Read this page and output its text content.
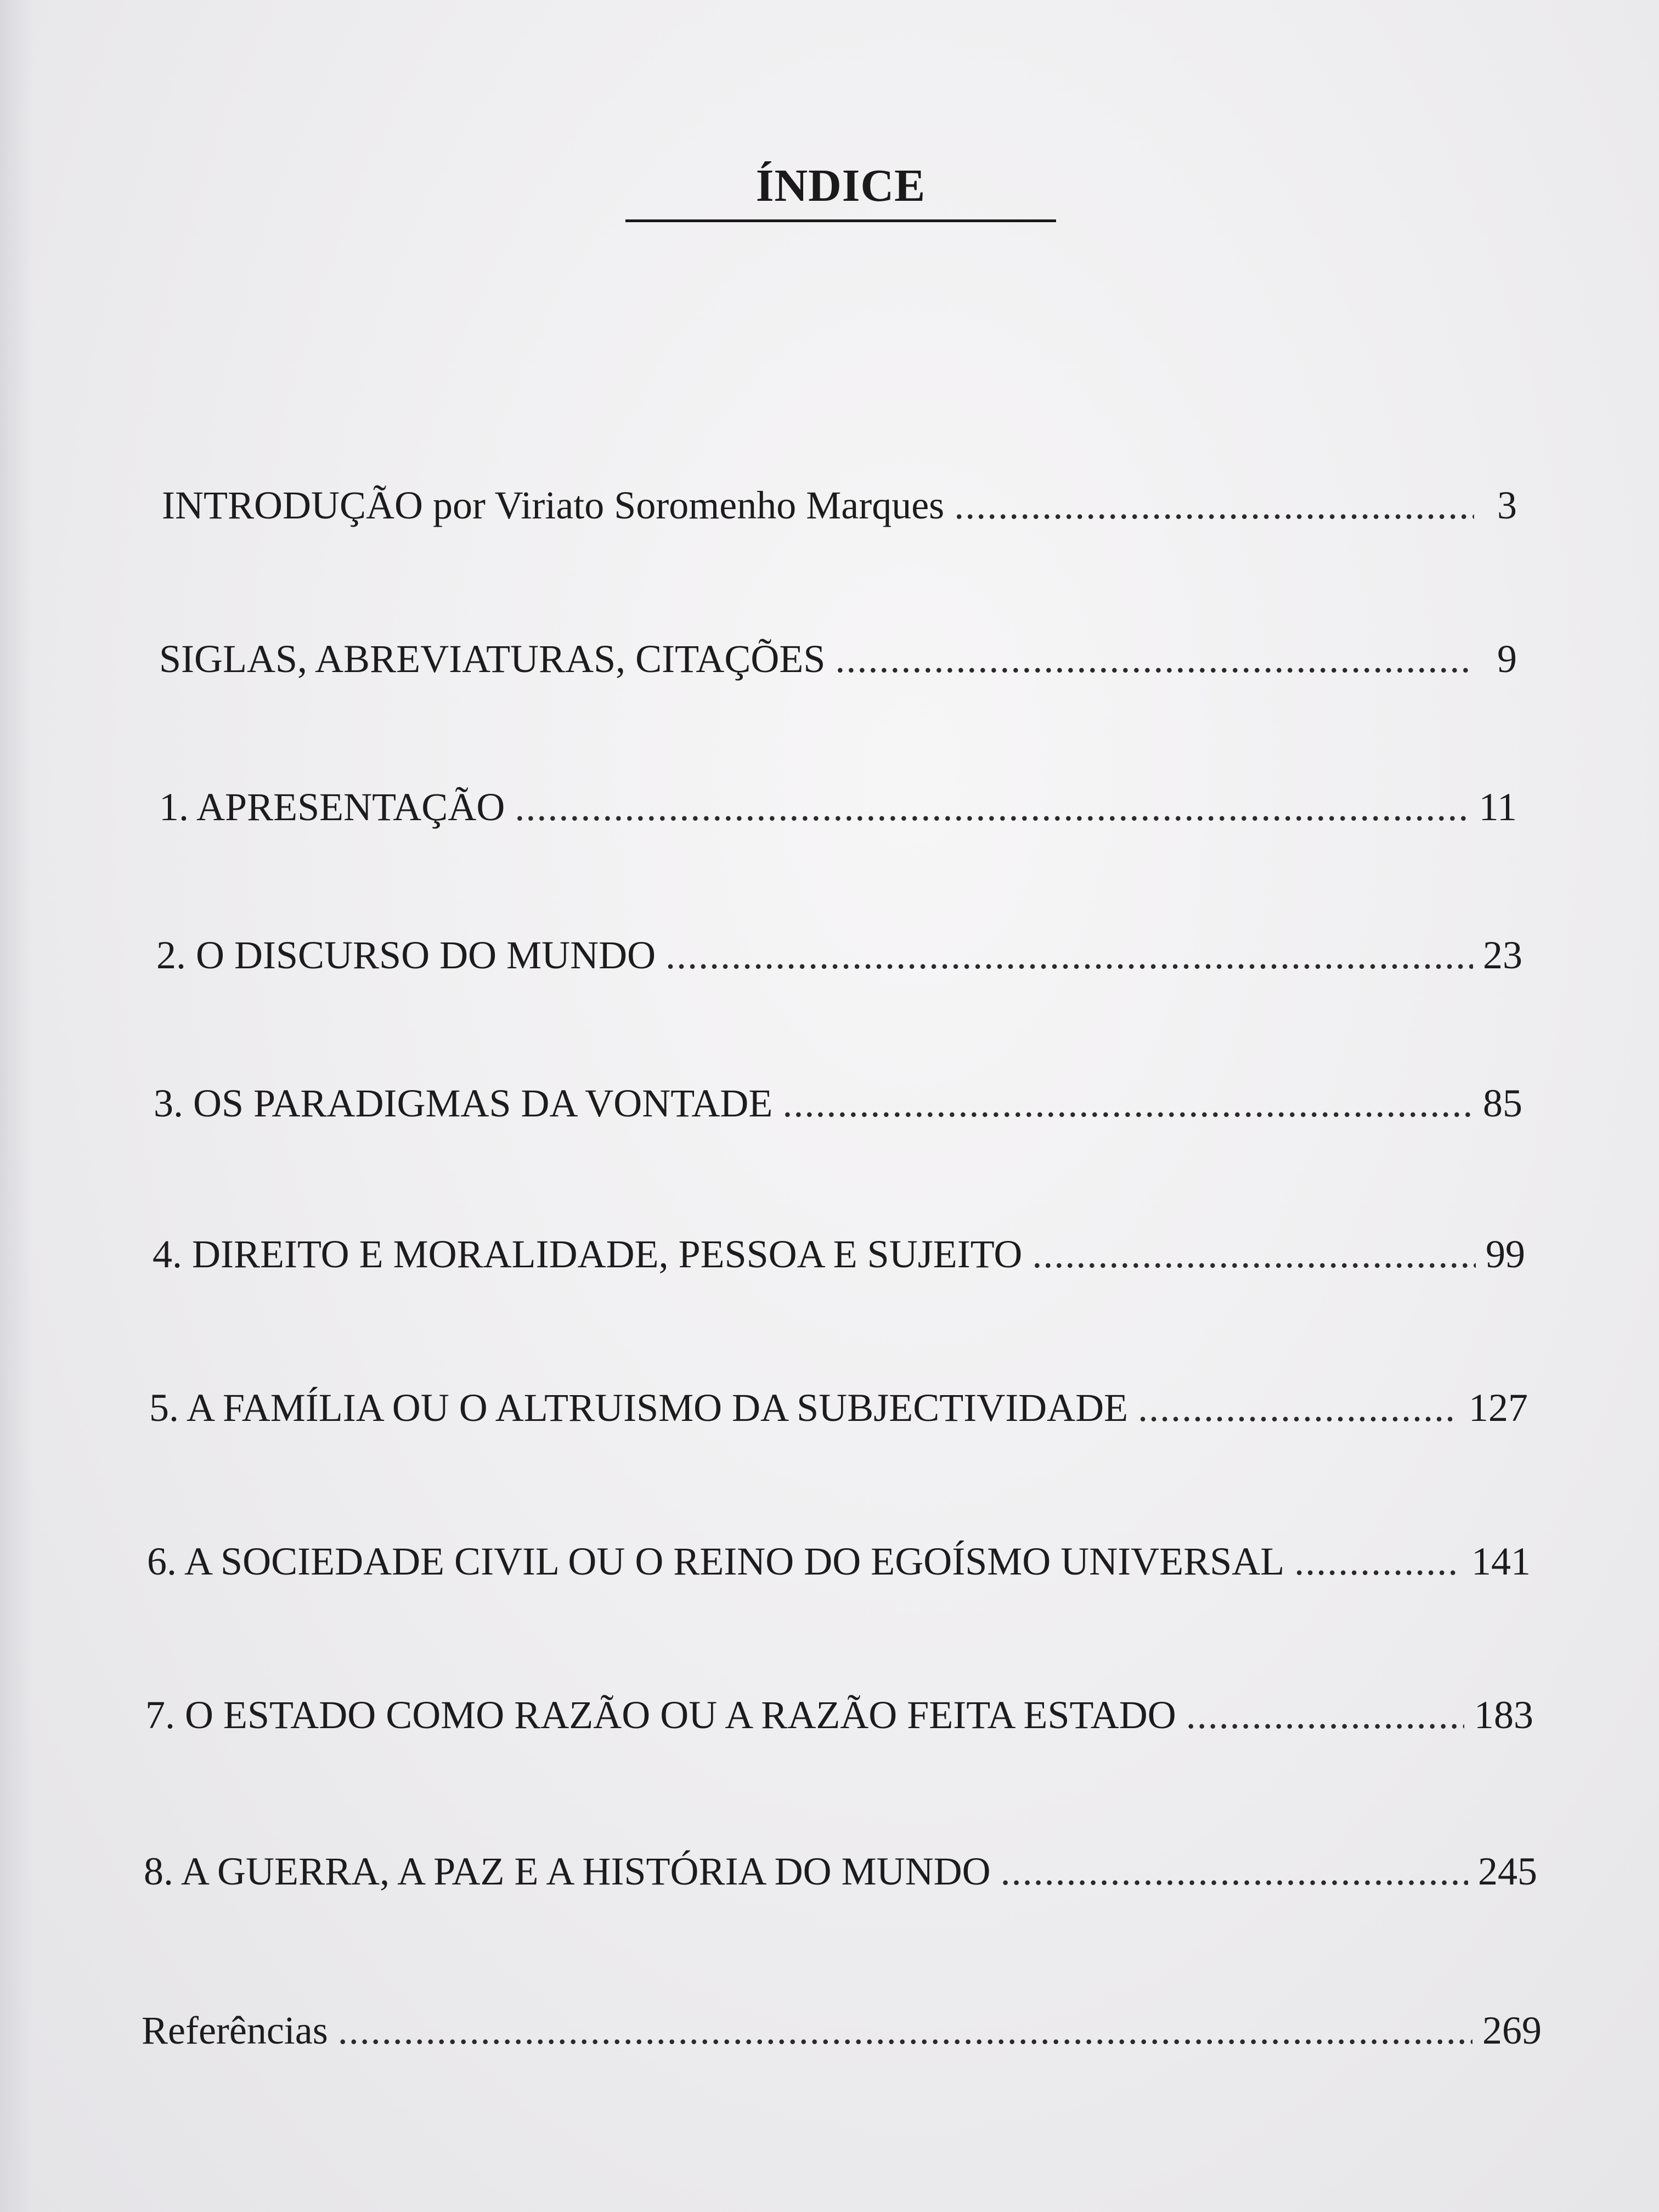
ÍNDICE
INTRODUÇÃO por Viriato Soromenho Marques .....	3
SIGLAS, ABREVIATURAS, CITAÇÕES .....	9
1. APRESENTAÇÃO .....	11
2. O DISCURSO DO MUNDO .....	23
3. OS PARADIGMAS DA VONTADE .....	85
4. DIREITO E MORALIDADE, PESSOA E SUJEITO .....	99
5. A FAMÍLIA OU O ALTRUISMO DA SUBJECTIVIDADE .....	127
6. A SOCIEDADE CIVIL OU O REINO DO EGOÍSMO UNIVERSAL .....	141
7. O ESTADO COMO RAZÃO OU A RAZÃO FEITA ESTADO .....	183
8. A GUERRA, A PAZ E A HISTÓRIA DO MUNDO .....	245
Referências .....	269
